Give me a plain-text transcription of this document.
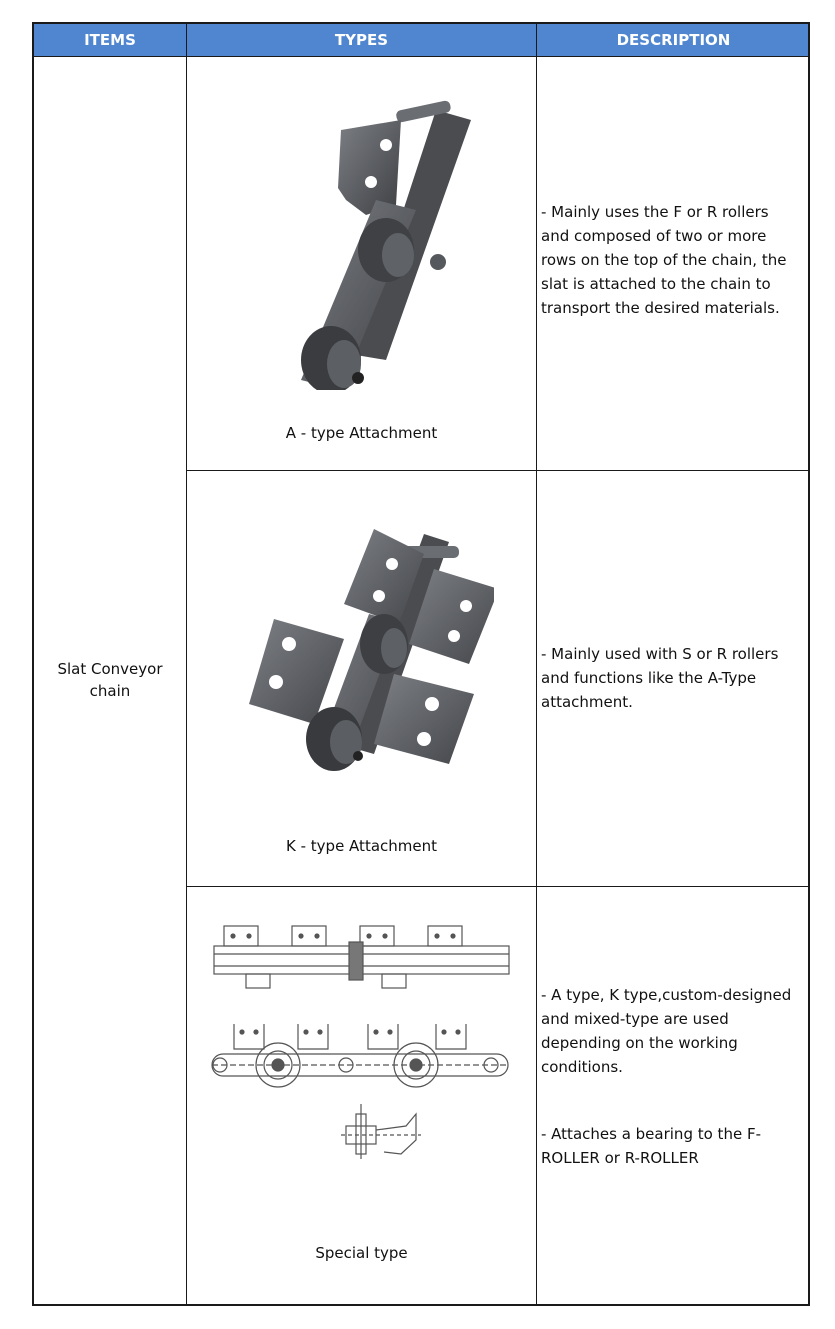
ITEMS	TYPES	DESCRIPTION
Slat Conveyor
chain
A - type Attachment
- Mainly uses the F or R rollers
and composed of two or more
rows on the top of the chain, the
slat is attached to the chain to
transport the desired materials.
K - type Attachment
- Mainly used with S or R rollers
and functions like the A-Type
attachment.
Special type
- A type, K type,custom-designed
and mixed-type are used
depending on the working
conditions.
- Attaches a bearing to the F-
ROLLER or R-ROLLER
